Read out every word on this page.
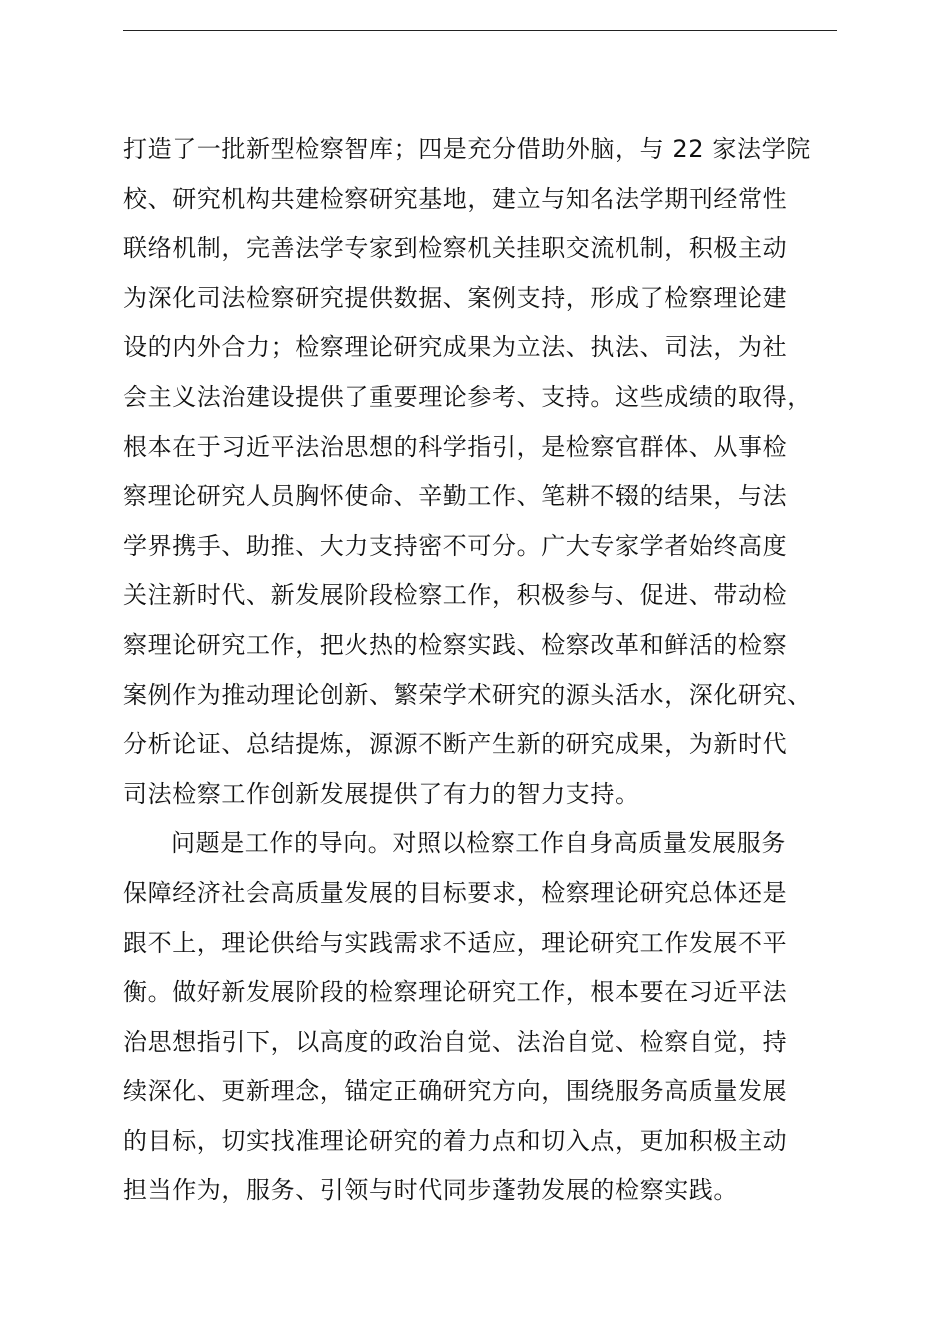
打造了一批新型检察智库；四是充分借助外脑，与 22 家法学院
校、研究机构共建检察研究基地，建立与知名法学期刊经常性
联络机制，完善法学专家到检察机关挂职交流机制，积极主动
为深化司法检察研究提供数据、案例支持，形成了检察理论建
设的内外合力；检察理论研究成果为立法、执法、司法，为社
会主义法治建设提供了重要理论参考、支持。这些成绩的取得，
根本在于习近平法治思想的科学指引，是检察官群体、从事检
察理论研究人员胸怀使命、辛勤工作、笔耕不辍的结果，与法
学界携手、助推、大力支持密不可分。广大专家学者始终高度
关注新时代、新发展阶段检察工作，积极参与、促进、带动检
察理论研究工作，把火热的检察实践、检察改革和鲜活的检察
案例作为推动理论创新、繁荣学术研究的源头活水，深化研究、
分析论证、总结提炼，源源不断产生新的研究成果，为新时代
司法检察工作创新发展提供了有力的智力支持。
问题是工作的导向。对照以检察工作自身高质量发展服务
保障经济社会高质量发展的目标要求，检察理论研究总体还是
跟不上，理论供给与实践需求不适应，理论研究工作发展不平
衡。做好新发展阶段的检察理论研究工作，根本要在习近平法
治思想指引下，以高度的政治自觉、法治自觉、检察自觉，持
续深化、更新理念，锚定正确研究方向，围绕服务高质量发展
的目标，切实找准理论研究的着力点和切入点，更加积极主动
担当作为，服务、引领与时代同步蓬勃发展的检察实践。
